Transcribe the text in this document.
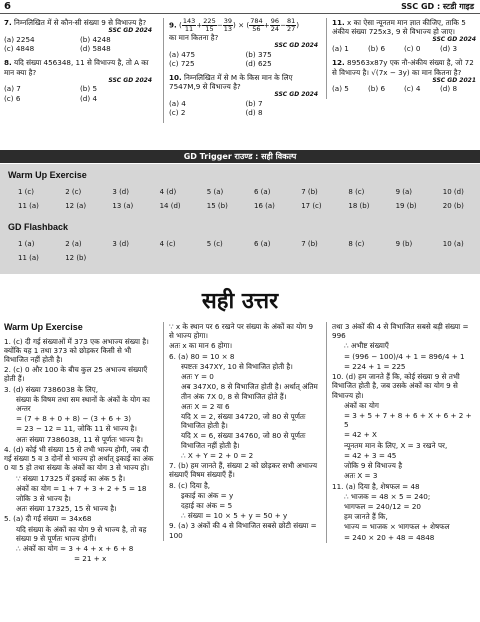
6	SSC GD : स्टडी गाइड
7. निम्नलिखित में से कौन-सी संख्या 9 से विभाज्य है?
SSC GD 2024
(a) 2254	(b) 4248
(c) 4848	(d) 5848
8. यदि संख्या 456348, 11 से विभाज्य है, तो A का मान क्या है?
SSC GD 2024
(a) 7	(b) 5
(c) 6	(d) 4
9. ( $\frac{143}{11} + \frac{225}{15} - \frac{39}{13}$ ) × ( $\frac{784}{56} + \frac{96}{24} - \frac{81}{27}$ )
का मान कितना है?
SSC GD 2024
(a) 475	(b) 375
(c) 725	(d) 625
10. निम्नलिखित में से M के किस मान के लिए 7547M,9 से विभाज्य है?
SSC GD 2024
(a) 4	(b) 7
(c) 2	(d) 8
11. x का ऐसा न्यूनतम मान ज्ञात कीजिए, ताकि 5 अंकीय संख्या 725x3, 9 से विभाज्य हो जाए।
SSC GD 2024
(a) 1	(b) 6	(c) 0	(d) 3
12. 89563x87y एक नौ-अंकीय संख्या है, जो 72 से विभाज्य है। √(7x − 3y) का मान कितना है?
SSC GD 2021
(a) 5	(b) 6	(c) 4	(d) 8
GD Trigger राउण्ड : सही विकल्प
Warm Up Exercise
1 (c)	2 (c)	3 (d)	4 (d)	5 (a)	6 (a)	7 (b)	8 (c)	9 (a)	10 (d)
11 (a)	12 (a)	13 (a)	14 (d)	15 (b)	16 (a)	17 (c)	18 (b)	19 (b)	20 (b)
GD Flashback
1 (a)	2 (a)	3 (d)	4 (c)	5 (c)	6 (a)	7 (b)	8 (c)	9 (b)	10 (a)
11 (a)	12 (b)
सही उत्तर
Warm Up Exercise

1. (c) दी गई संख्याओं में 373 एक अभाज्य संख्या है। क्योंकि यह 1 तथा 373 को छोड़कर किसी से भी विभाजित नहीं होती है।

2. (c) 0 और 100 के बीच कुल 25 अभाज्य संख्याएँ होती हैं।

3. (d) संख्या 7386038 के लिए,

संख्या के विषम तथा सम स्थानों के अंकों के योग का अन्तर

= (7 + 8 + 0 + 8) − (3 + 6 + 3)

= 23 − 12 = 11, जोकि 11 से भाज्य है।

अतः संख्या 7386038, 11 से पूर्णतः भाज्य है।

4. (d) कोई भी संख्या 15 से तभी भाज्य होगी, जब दी गई संख्या 5 व 3 दोनों से भाज्य हो अर्थात् इकाई का अंक 0 या 5 हो तथा संख्या के अंकों का योग 3 से भाज्य हो।

∵ संख्या 17325 में इकाई का अंक 5 है।

अंकों का योग = 1 + 7 + 3 + 2 + 5 = 18

जोकि 3 से भाज्य है।

अतः संख्या 17325, 15 से भाज्य है।

5. (a) दी गई संख्या = 34x68

यदि संख्या के अंकों का योग 9 से भाज्य है, तो वह संख्या 9 से पूर्णतः भाज्य होगी।

∴ अंकों का योग = 3 + 4 + x + 6 + 8

= 21 + x

∵ x के स्थान पर 6 रखने पर संख्या के अंकों का योग 9 से भाज्य होगा।

अतः x का मान 6 होगा।

6. (a) 80 = 10 × 8

स्पष्टतः 347XY, 10 से विभाजित होती है।

अतः Y = 0

अब 347X0, 8 से विभाजित होती है। अर्थात् अंतिम तीन अंक 7X 0, 8 से विभाजित होते हैं।

अतः X = 2 या 6

यदि X = 2, संख्या 34720, जो 80 से पूर्णतः विभाजित होती है।

यदि X = 6, संख्या 34760, जो 80 से पूर्णतः विभाजित नहीं होती है।

∴ X + Y = 2 + 0 = 2

7. (b) हम जानते हैं, संख्या 2 को छोड़कर सभी अभाज्य संख्याएँ विषम संख्याएँ हैं।

8. (c) दिया है,

इकाई का अंक = y

दहाई का अंक = 5

∴ संख्या = 10 × 5 + y = 50 + y

9. (a) 3 अंकों की 4 से विभाजित सबसे छोटी संख्या = 100

तथा 3 अंकों की 4 से विभाजित सबसे बड़ी संख्या = 996

∴ अभीष्ट संख्याएँ

= (996 − 100)/4 + 1 = 896/4 + 1

= 224 + 1 = 225

10. (d) हम जानते हैं कि, कोई संख्या 9 से तभी विभाजित होती है, जब उसके अंकों का योग 9 से विभाज्य हो।

अंकों का योग

= 3 + 5 + 7 + 8 + 6 + X + 6 + 2 + 5

= 42 + X

न्यूनतम मान के लिए, X = 3 रखने पर,

= 42 + 3 = 45

जोकि 9 से विभाज्य है

अतः X = 3

11. (a) दिया है, शेषफल = 48

∴ भाजक = 48 × 5 = 240;

भागफल = 240/12 = 20

हम जानते हैं कि,

भाज्य = भाजक × भागफल + शेषफल

= 240 × 20 + 48 = 4848
